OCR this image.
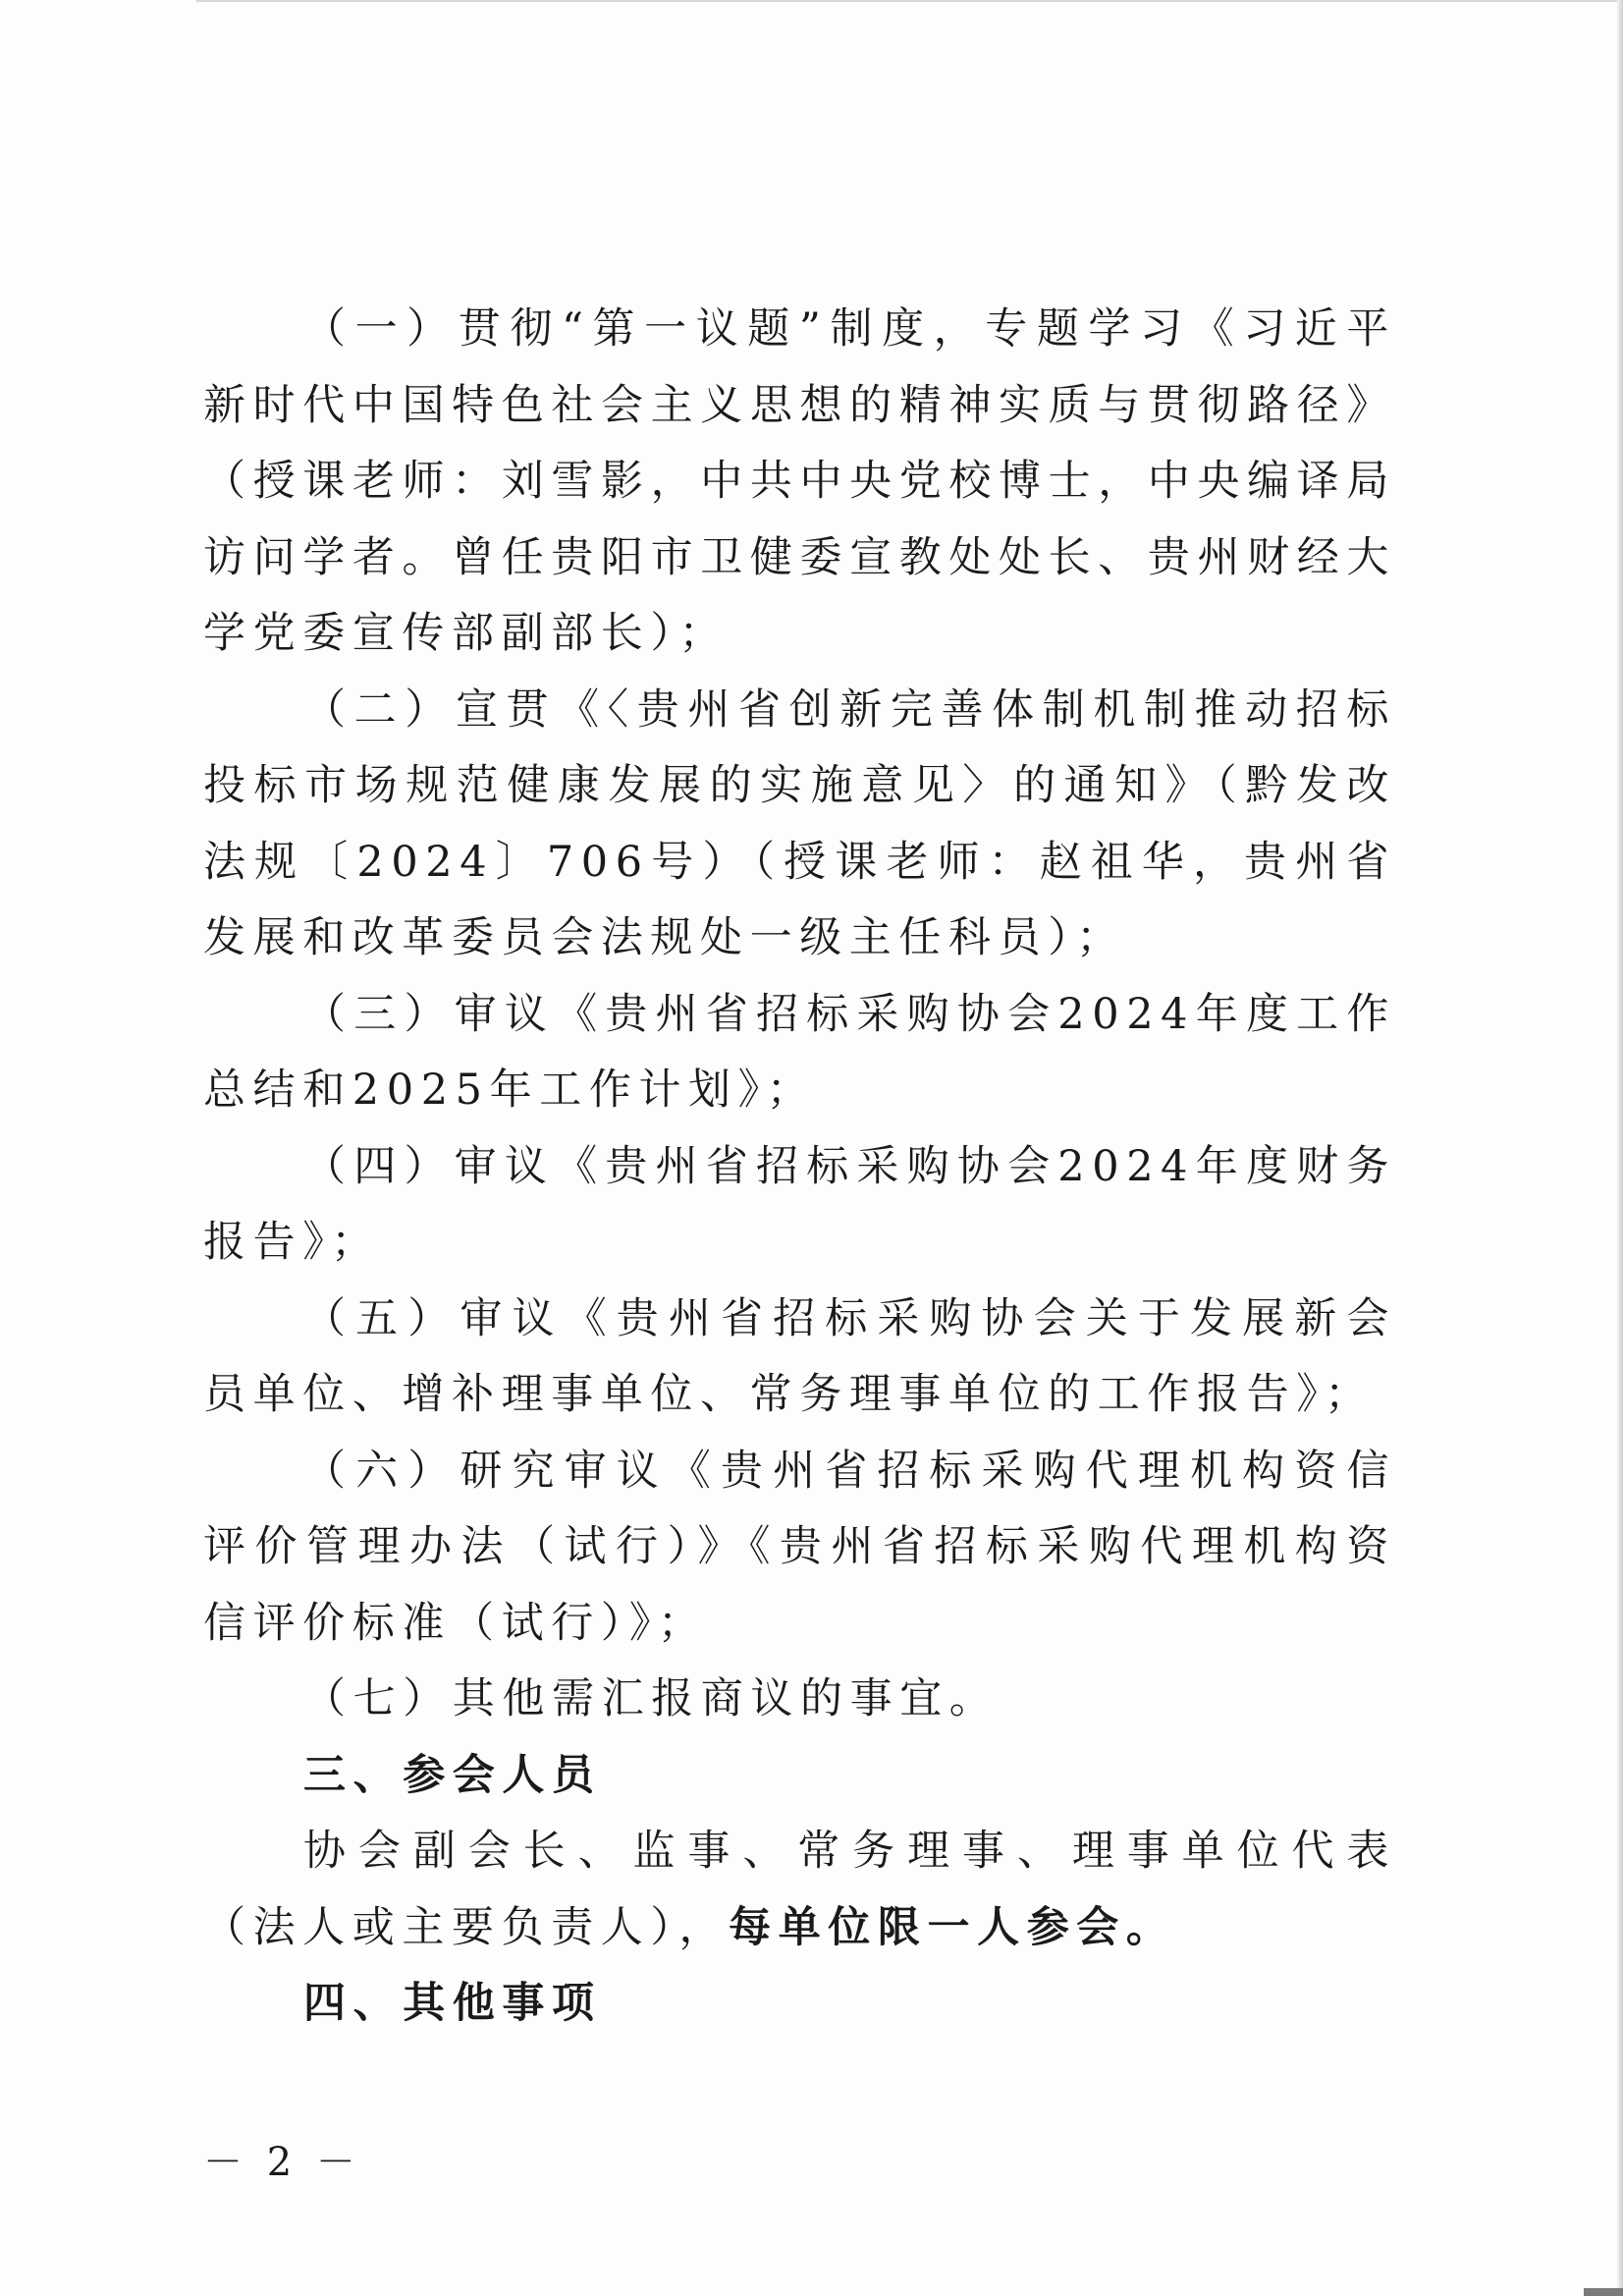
（一）贯彻“第一议题”制度，专题学习《习近平新时代中国特色社会主义思想的精神实质与贯彻路径》（授课老师：刘雪影，中共中央党校博士，中央编译局访问学者。曾任贵阳市卫健委宣教处处长、贵州财经大学党委宣传部副部长）；

（二）宣贯《〈贵州省创新完善体制机制推动招标投标市场规范健康发展的实施意见〉的通知》（黔发改法规〔2024〕706号）（授课老师：赵祖华，贵州省发展和改革委员会法规处一级主任科员）；

（三）审议《贵州省招标采购协会2024年度工作总结和2025年工作计划》；

（四）审议《贵州省招标采购协会2024年度财务报告》；

（五）审议《贵州省招标采购协会关于发展新会员单位、增补理事单位、常务理事单位的工作报告》；

（六）研究审议《贵州省招标采购代理机构资信评价管理办法（试行）》《贵州省招标采购代理机构资信评价标准（试行）》；

（七）其他需汇报商议的事宜。

三、参会人员

协会副会长、监事、常务理事、理事单位代表（法人或主要负责人），每单位限一人参会。

四、其他事项

－ 2 －
